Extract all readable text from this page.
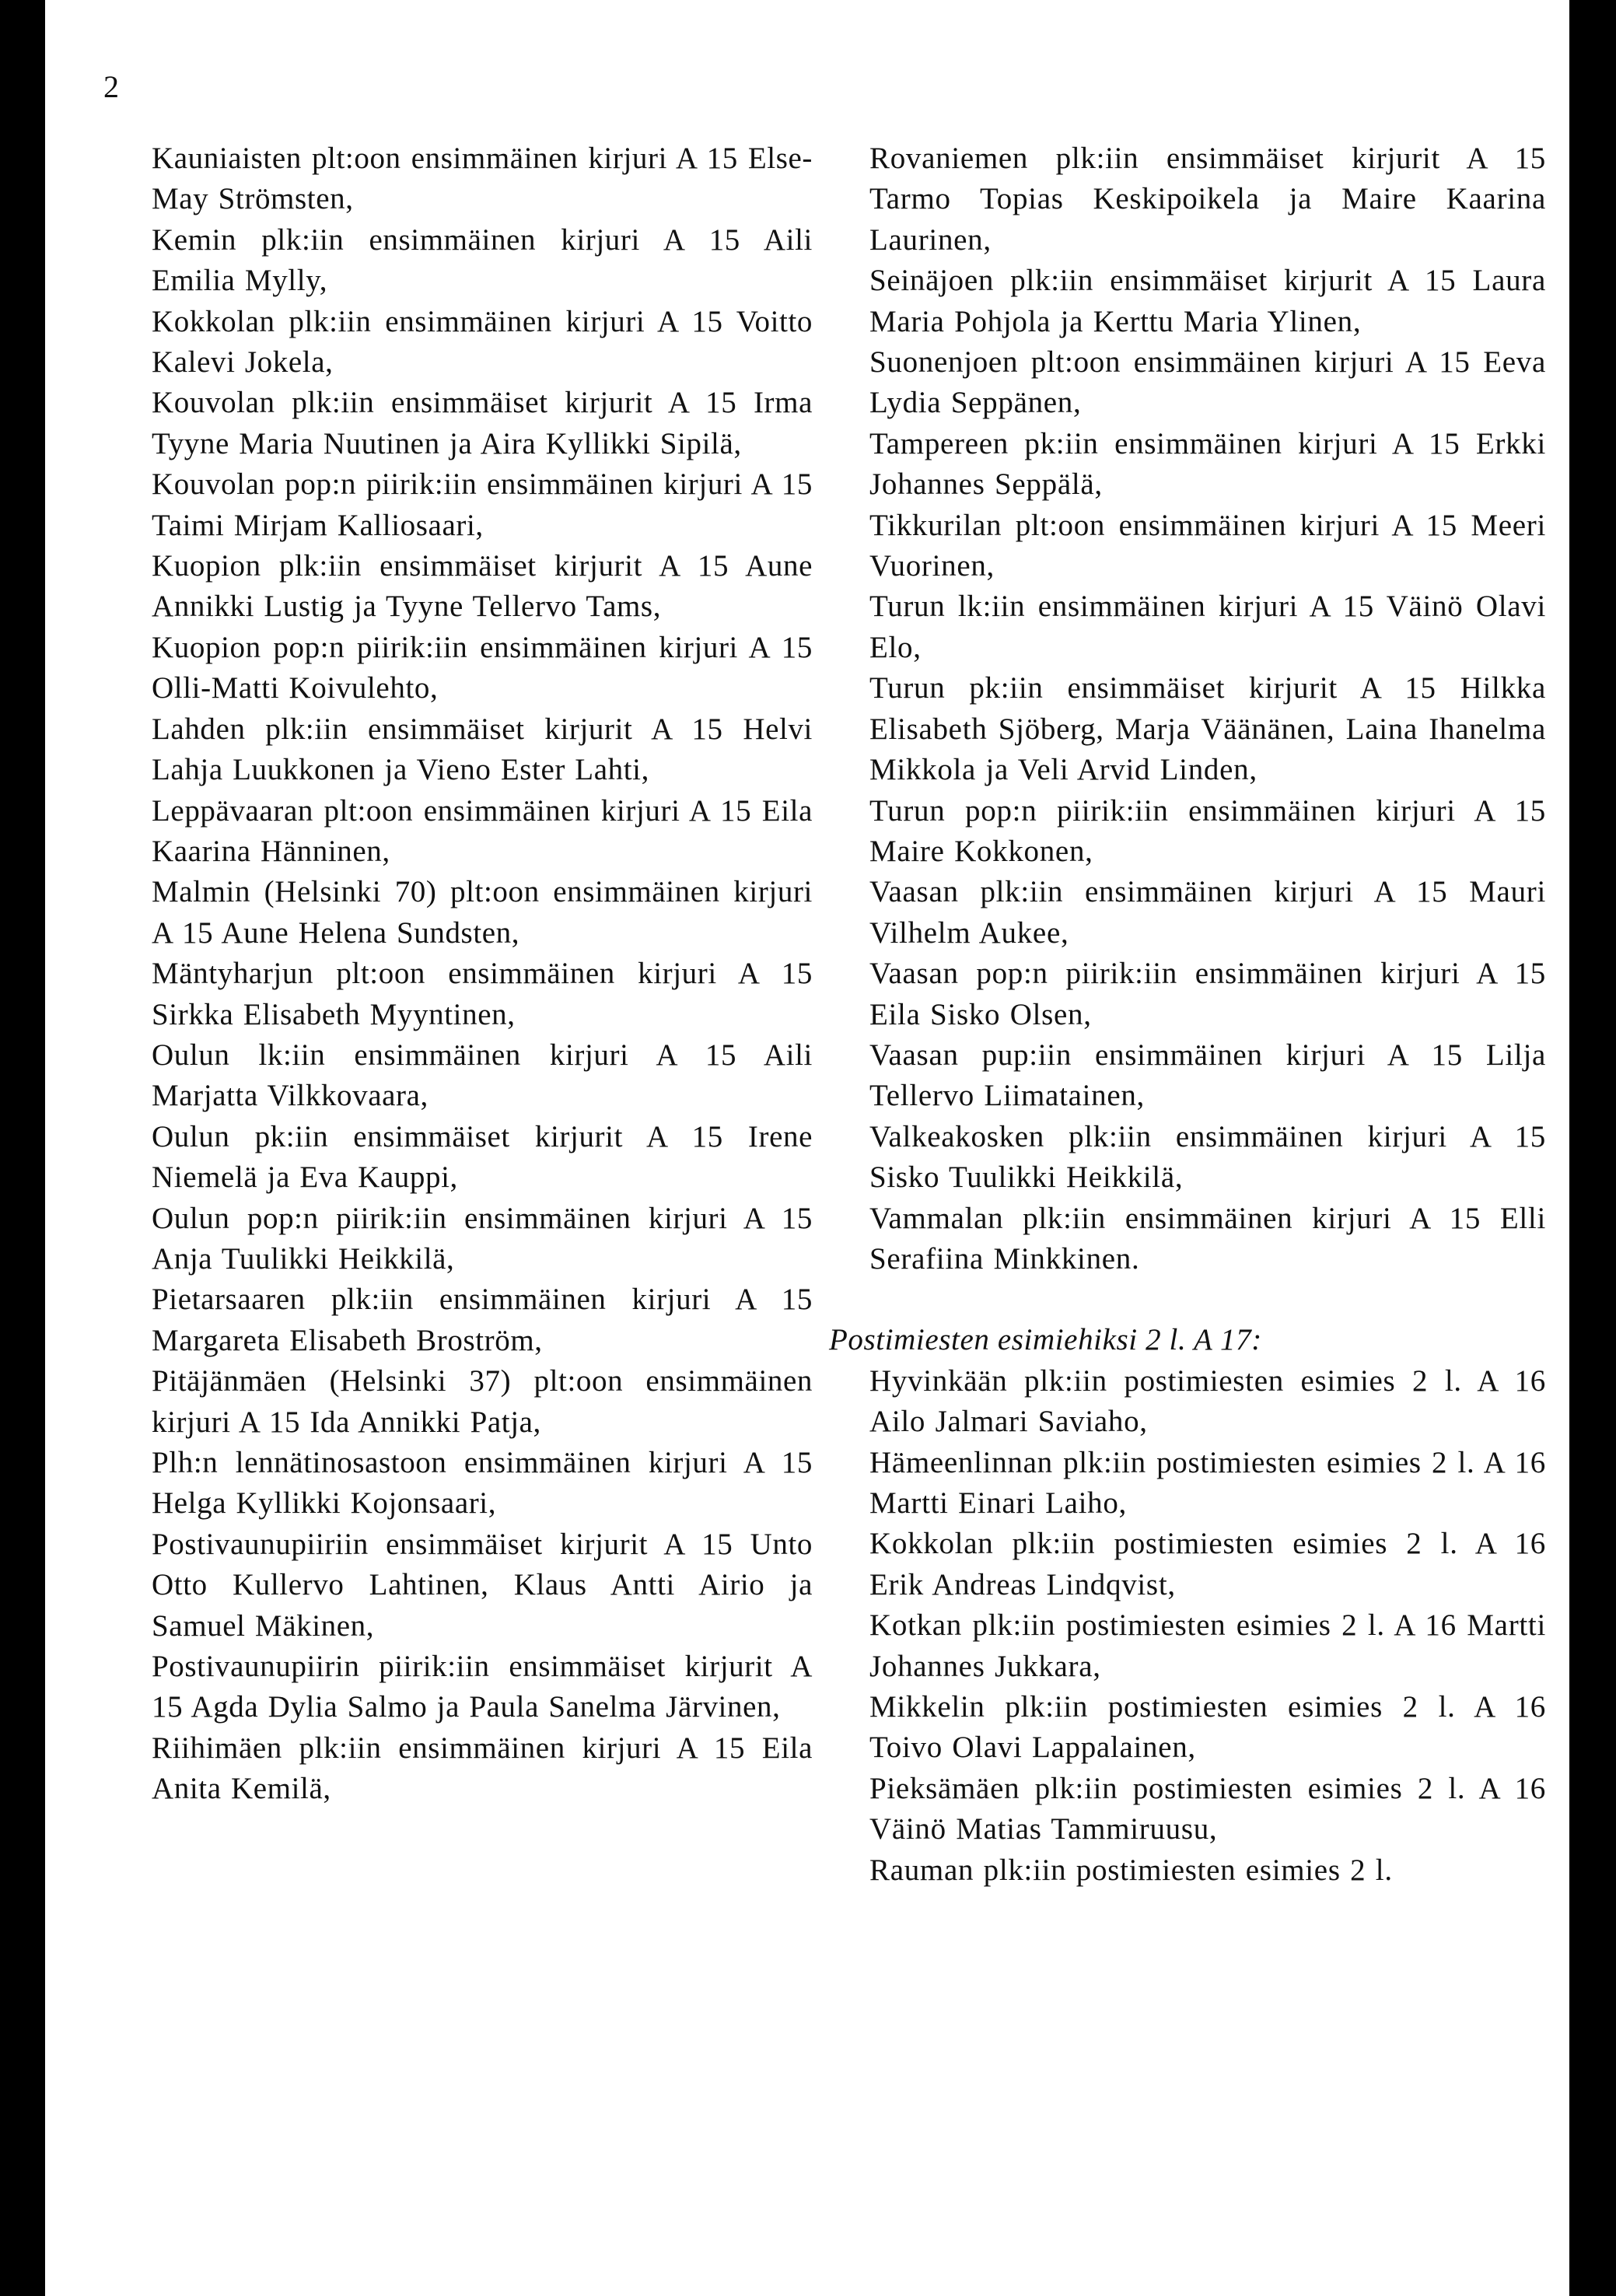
2

Kauniaisten plt:oon ensimmäinen kirjuri A 15 Else-May Strömsten,

Kemin plk:iin ensimmäinen kirjuri A 15 Aili Emilia Mylly,

Kokkolan plk:iin ensimmäinen kirjuri A 15 Voitto Kalevi Jokela,

Kouvolan plk:iin ensimmäiset kirjurit A 15 Irma Tyyne Maria Nuutinen ja Aira Kyllikki Sipilä,

Kouvolan pop:n piirik:iin ensimmäinen kirjuri A 15 Taimi Mirjam Kalliosaari,

Kuopion plk:iin ensimmäiset kirjurit A 15 Aune Annikki Lustig ja Tyyne Tellervo Tams,

Kuopion pop:n piirik:iin ensimmäinen kirjuri A 15 Olli-Matti Koivulehto,

Lahden plk:iin ensimmäiset kirjurit A 15 Helvi Lahja Luukkonen ja Vieno Ester Lahti,

Leppävaaran plt:oon ensimmäinen kirjuri A 15 Eila Kaarina Hänninen,

Malmin (Helsinki 70) plt:oon ensimmäinen kirjuri A 15 Aune Helena Sundsten,

Mäntyharjun plt:oon ensimmäinen kirjuri A 15 Sirkka Elisabeth Myyntinen,

Oulun lk:iin ensimmäinen kirjuri A 15 Aili Marjatta Vilkkovaara,

Oulun pk:iin ensimmäiset kirjurit A 15 Irene Niemelä ja Eva Kauppi,

Oulun pop:n piirik:iin ensimmäinen kirjuri A 15 Anja Tuulikki Heikkilä,

Pietarsaaren plk:iin ensimmäinen kirjuri A 15 Margareta Elisabeth Broström,

Pitäjänmäen (Helsinki 37) plt:oon ensimmäinen kirjuri A 15 Ida Annikki Patja,

Plh:n lennätinosastoon ensimmäinen kirjuri A 15 Helga Kyllikki Kojonsaari,

Postivaunupiiriin ensimmäiset kirjurit A 15 Unto Otto Kullervo Lahtinen, Klaus Antti Airio ja Samuel Mäkinen,

Postivaunupiirin piirik:iin ensimmäiset kirjurit A 15 Agda Dylia Salmo ja Paula Sanelma Järvinen,

Riihimäen plk:iin ensimmäinen kirjuri A 15 Eila Anita Kemilä,

Rovaniemen plk:iin ensimmäiset kirjurit A 15 Tarmo Topias Keskipoikela ja Maire Kaarina Laurinen,

Seinäjoen plk:iin ensimmäiset kirjurit A 15 Laura Maria Pohjola ja Kerttu Maria Ylinen,

Suonenjoen plt:oon ensimmäinen kirjuri A 15 Eeva Lydia Seppänen,

Tampereen pk:iin ensimmäinen kirjuri A 15 Erkki Johannes Seppälä,

Tikkurilan plt:oon ensimmäinen kirjuri A 15 Meeri Vuorinen,

Turun lk:iin ensimmäinen kirjuri A 15 Väinö Olavi Elo,

Turun pk:iin ensimmäiset kirjurit A 15 Hilkka Elisabeth Sjöberg, Marja Väänänen, Laina Ihanelma Mikkola ja Veli Arvid Linden,

Turun pop:n piirik:iin ensimmäinen kirjuri A 15 Maire Kokkonen,

Vaasan plk:iin ensimmäinen kirjuri A 15 Mauri Vilhelm Aukee,

Vaasan pop:n piirik:iin ensimmäinen kirjuri A 15 Eila Sisko Olsen,

Vaasan pup:iin ensimmäinen kirjuri A 15 Lilja Tellervo Liimatainen,

Valkeakosken plk:iin ensimmäinen kirjuri A 15 Sisko Tuulikki Heikkilä,

Vammalan plk:iin ensimmäinen kirjuri A 15 Elli Serafiina Minkkinen.

Postimiesten esimiehiksi 2 l. A 17:

Hyvinkään plk:iin postimiesten esimies 2 l. A 16 Ailo Jalmari Saviaho,

Hämeenlinnan plk:iin postimiesten esimies 2 l. A 16 Martti Einari Laiho,

Kokkolan plk:iin postimiesten esimies 2 l. A 16 Erik Andreas Lindqvist,

Kotkan plk:iin postimiesten esimies 2 l. A 16 Martti Johannes Jukkara,

Mikkelin plk:iin postimiesten esimies 2 l. A 16 Toivo Olavi Lappalainen,

Pieksämäen plk:iin postimiesten esimies 2 l. A 16 Väinö Matias Tammiruusu,

Rauman plk:iin postimiesten esimies 2 l.
